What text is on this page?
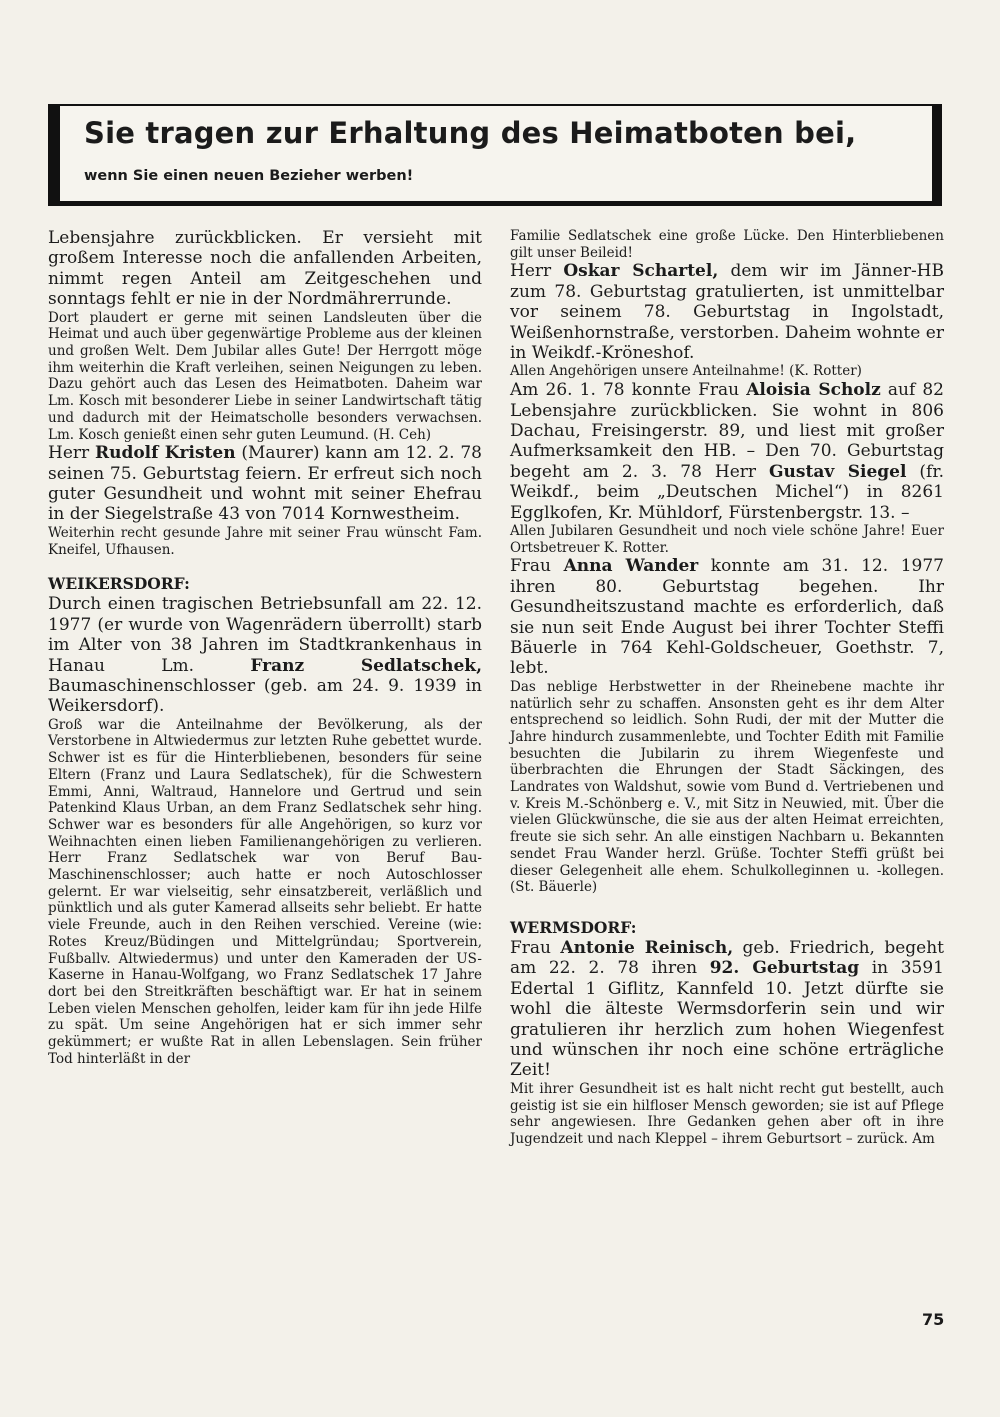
Sie tragen zur Erhaltung des Heimatboten bei,
wenn Sie einen neuen Bezieher werben!
Lebensjahre zurückblicken. Er versieht mit großem Interesse noch die anfallenden Arbeiten, nimmt regen Anteil am Zeitgeschehen und sonntags fehlt er nie in der Nordmährerrunde.
Dort plaudert er gerne mit seinen Landsleuten über die Heimat und auch über gegenwärtige Probleme aus der kleinen und großen Welt. Dem Jubilar alles Gute! Der Herrgott möge ihm weiterhin die Kraft verleihen, seinen Neigungen zu leben. Dazu gehört auch das Lesen des Heimatboten. Daheim war Lm. Kosch mit besonderer Liebe in seiner Landwirtschaft tätig und dadurch mit der Heimatscholle besonders verwachsen. Lm. Kosch genießt einen sehr guten Leumund. (H. Ceh)
Herr Rudolf Kristen (Maurer) kann am 12. 2. 78 seinen 75. Geburtstag feiern. Er erfreut sich noch guter Gesundheit und wohnt mit seiner Ehefrau in der Siegelstraße 43 von 7014 Kornwestheim.
Weiterhin recht gesunde Jahre mit seiner Frau wünscht Fam. Kneifel, Ufhausen.
WEIKERSDORF:
Durch einen tragischen Betriebsunfall am 22. 12. 1977 (er wurde von Wagenrädern überrollt) starb im Alter von 38 Jahren im Stadtkrankenhaus in Hanau Lm. Franz Sedlatschek, Baumaschinenschlosser (geb. am 24. 9. 1939 in Weikersdorf).
Groß war die Anteilnahme der Bevölkerung, als der Verstorbene in Altwiedermus zur letzten Ruhe gebettet wurde. Schwer ist es für die Hinterbliebenen, besonders für seine Eltern (Franz und Laura Sedlatschek), für die Schwestern Emmi, Anni, Waltraud, Hannelore und Gertrud und sein Patenkind Klaus Urban, an dem Franz Sedlatschek sehr hing. Schwer war es besonders für alle Angehörigen, so kurz vor Weihnachten einen lieben Familienangehörigen zu verlieren. Herr Franz Sedlatschek war von Beruf Bau-Maschinenschlosser; auch hatte er noch Autoschlosser gelernt. Er war vielseitig, sehr einsatzbereit, verläßlich und pünktlich und als guter Kamerad allseits sehr beliebt. Er hatte viele Freunde, auch in den Reihen verschied. Vereine (wie: Rotes Kreuz/Büdingen und Mittelgründau; Sportverein, Fußballv. Altwiedermus) und unter den Kameraden der US-Kaserne in Hanau-Wolfgang, wo Franz Sedlatschek 17 Jahre dort bei den Streitkräften beschäftigt war. Er hat in seinem Leben vielen Menschen geholfen, leider kam für ihn jede Hilfe zu spät. Um seine Angehörigen hat er sich immer sehr gekümmert; er wußte Rat in allen Lebenslagen. Sein früher Tod hinterläßt in der
Familie Sedlatschek eine große Lücke. Den Hinterbliebenen gilt unser Beileid!
Herr Oskar Schartel, dem wir im Jänner-HB zum 78. Geburtstag gratulierten, ist unmittelbar vor seinem 78. Geburtstag in Ingolstadt, Weißenhornstraße, verstorben. Daheim wohnte er in Weikdf.-Kröneshof.
Allen Angehörigen unsere Anteilnahme! (K. Rotter)
Am 26. 1. 78 konnte Frau Aloisia Scholz auf 82 Lebensjahre zurückblicken. Sie wohnt in 806 Dachau, Freisingerstr. 89, und liest mit großer Aufmerksamkeit den HB. – Den 70. Geburtstag begeht am 2. 3. 78 Herr Gustav Siegel (fr. Weikdf., beim „Deutschen Michel“) in 8261 Egglkofen, Kr. Mühldorf, Fürstenbergstr. 13. –
Allen Jubilaren Gesundheit und noch viele schöne Jahre! Euer Ortsbetreuer K. Rotter.
Frau Anna Wander konnte am 31. 12. 1977 ihren 80. Geburtstag begehen. Ihr Gesundheitszustand machte es erforderlich, daß sie nun seit Ende August bei ihrer Tochter Steffi Bäuerle in 764 Kehl-Goldscheuer, Goethstr. 7, lebt.
Das neblige Herbstwetter in der Rheinebene machte ihr natürlich sehr zu schaffen. Ansonsten geht es ihr dem Alter entsprechend so leidlich. Sohn Rudi, der mit der Mutter die Jahre hindurch zusammenlebte, und Tochter Edith mit Familie besuchten die Jubilarin zu ihrem Wiegenfeste und überbrachten die Ehrungen der Stadt Säckingen, des Landrates von Waldshut, sowie vom Bund d. Vertriebenen und v. Kreis M.-Schönberg e. V., mit Sitz in Neuwied, mit. Über die vielen Glückwünsche, die sie aus der alten Heimat erreichten, freute sie sich sehr. An alle einstigen Nachbarn u. Bekannten sendet Frau Wander herzl. Grüße. Tochter Steffi grüßt bei dieser Gelegenheit alle ehem. Schulkolleginnen u. -kollegen. (St. Bäuerle)
WERMSDORF:
Frau Antonie Reinisch, geb. Friedrich, begeht am 22. 2. 78 ihren 92. Geburtstag in 3591 Edertal 1 Giflitz, Kannfeld 10. Jetzt dürfte sie wohl die älteste Wermsdorferin sein und wir gratulieren ihr herzlich zum hohen Wiegenfest und wünschen ihr noch eine schöne erträgliche Zeit!
Mit ihrer Gesundheit ist es halt nicht recht gut bestellt, auch geistig ist sie ein hilfloser Mensch geworden; sie ist auf Pflege sehr angewiesen. Ihre Gedanken gehen aber oft in ihre Jugendzeit und nach Kleppel – ihrem Geburtsort – zurück. Am
75
